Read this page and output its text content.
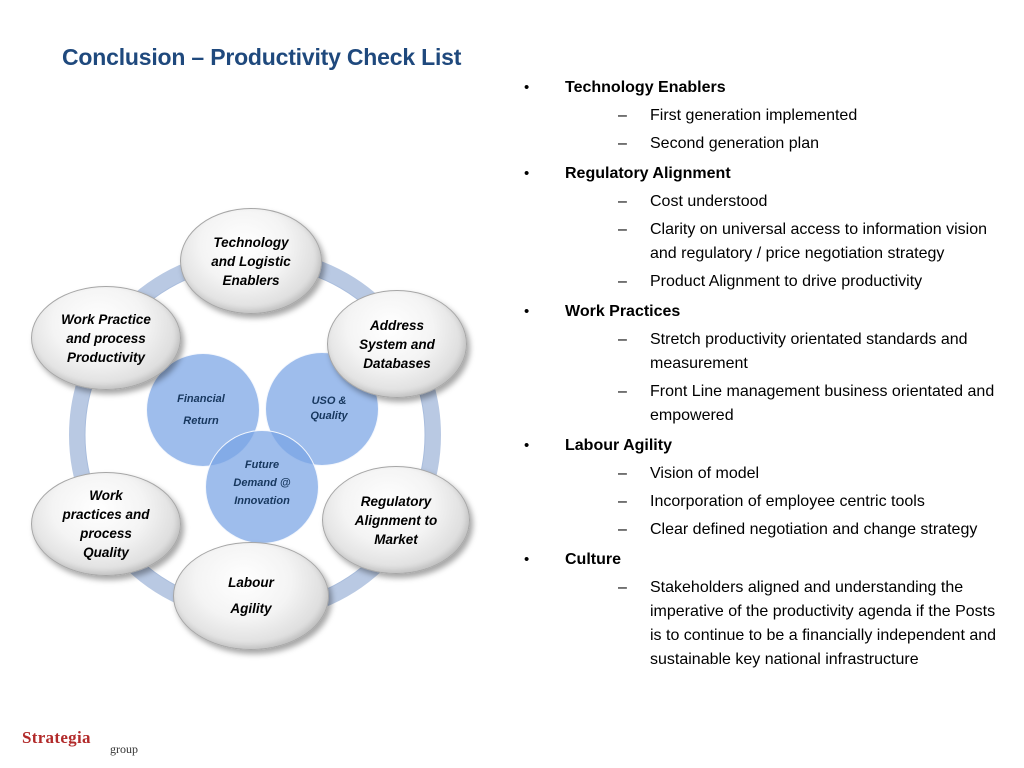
Conclusion – Productivity Check List
Financial
Return
USO &
Quality
Future
Demand @
Innovation
Technology
and Logistic
Enablers
Address
System and
Databases
Regulatory
Alignment to
Market
Labour
Agility
Work
practices and
process
Quality
Work Practice
and process
Productivity
• Technology Enablers
– First generation implemented
– Second generation plan
• Regulatory Alignment
– Cost understood
– Clarity on universal access to information vision and regulatory / price negotiation strategy
– Product Alignment to drive productivity
• Work Practices
– Stretch productivity orientated standards and measurement
– Front Line management business orientated and empowered
• Labour Agility
– Vision of model
– Incorporation of employee centric tools
– Clear defined negotiation and change strategy
• Culture
– Stakeholders aligned and understanding the imperative of the productivity agenda if the Posts is to continue to be a financially independent and sustainable key national infrastructure
Strategia
group
